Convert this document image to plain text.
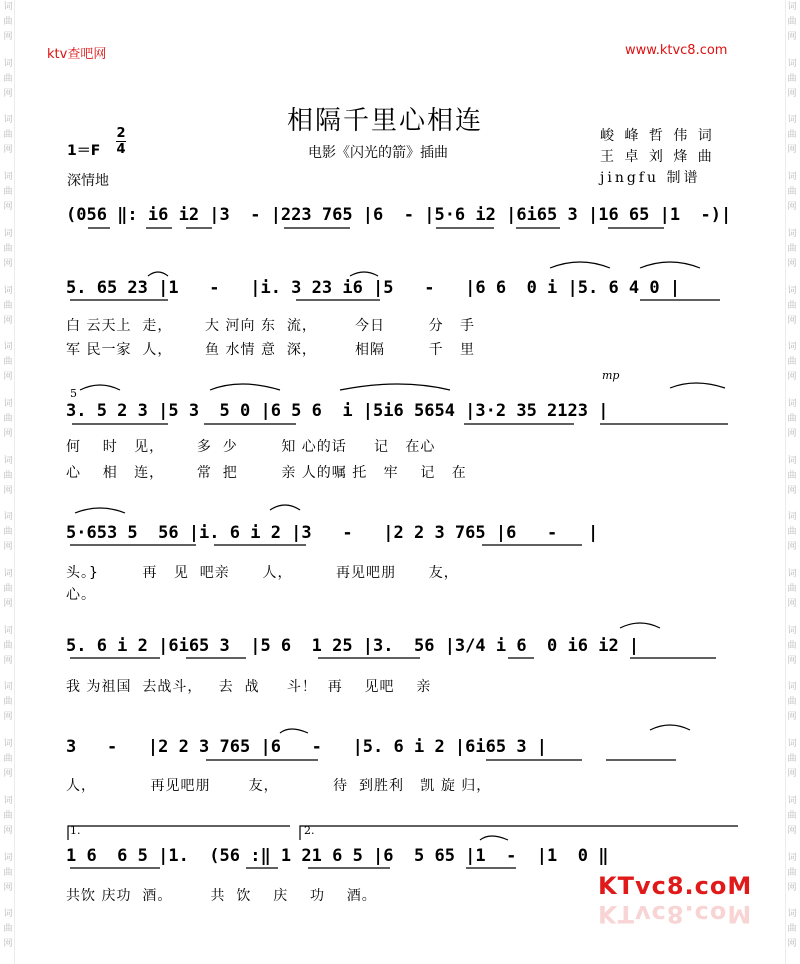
词
曲
网
词
曲
网
词
曲
网
词
曲
网
词
曲
网
词
曲
网
词
曲
网
词
曲
网
词
曲
网
词
曲
网
词
曲
网
词
曲
网
词
曲
网
词
曲
网
词
曲
网
词
曲
网
词
曲
网
词
曲
网
词
曲
网
词
曲
网
词
曲
网
词
曲
网
词
曲
网
词
曲
网
词
曲
网
词
曲
网
词
曲
网
词
曲
网
词
曲
网
词
曲
网
词
曲
网
词
曲
网
词
曲
网
词
曲
网
ktv查吧网	www.ktvc8.com
相隔千里心相连
电影《闪光的箭》插曲
1＝F
2
4
深情地
峻 峰 哲 伟 词
王 卓 刘 烽 曲
jingfu 制谱
(056 ‖: i6 i2 |3  - |223 765 |6  - |5·6 i2 |6i65 3 |16 65 |1  -)|
5. 65 23 |1   -   |i. 3 23 i6 |5   -   |6 6  0 i |5. 6 4 0 |
白 云天上  走，      大 河向 东  流，       今日        分   手
军 民一家  人，      鱼 水情 意  深，       相隔        千   里
mp
5
3. 5 2 3 |5 3  5 0 |6 5 6  i |5i6 5654 |3·2 35 2123 |
何    时   见，      多  少        知 心的话     记   在心
心    相   连，      常  把        亲 人的嘱 托   牢    记   在
5·653 5  56 |i. 6 i 2 |3   -   |2 2 3 765 |6   -   |
头。}        再   见  吧亲      人，        再见吧朋      友，
心。
5. 6 i 2 |6i65 3  |5 6  1 25 |3.  56 |3/4 i 6  0 i6 i2 |
我 为祖国  去战斗，   去  战     斗！  再    见吧    亲
3   -   |2 2 3 765 |6   -   |5. 6 i 2 |6i65 3 |
人，          再见吧朋       友，          待  到胜利   凯 旋 归，
1.	2.
1 6  6 5 |1.  (56 :‖ 1 21 6 5 |6  5 65 |1  -  |1  0 ‖
共饮 庆功  酒。       共  饮    庆    功    酒。	KTvc8.coM
KTvc8.coM
